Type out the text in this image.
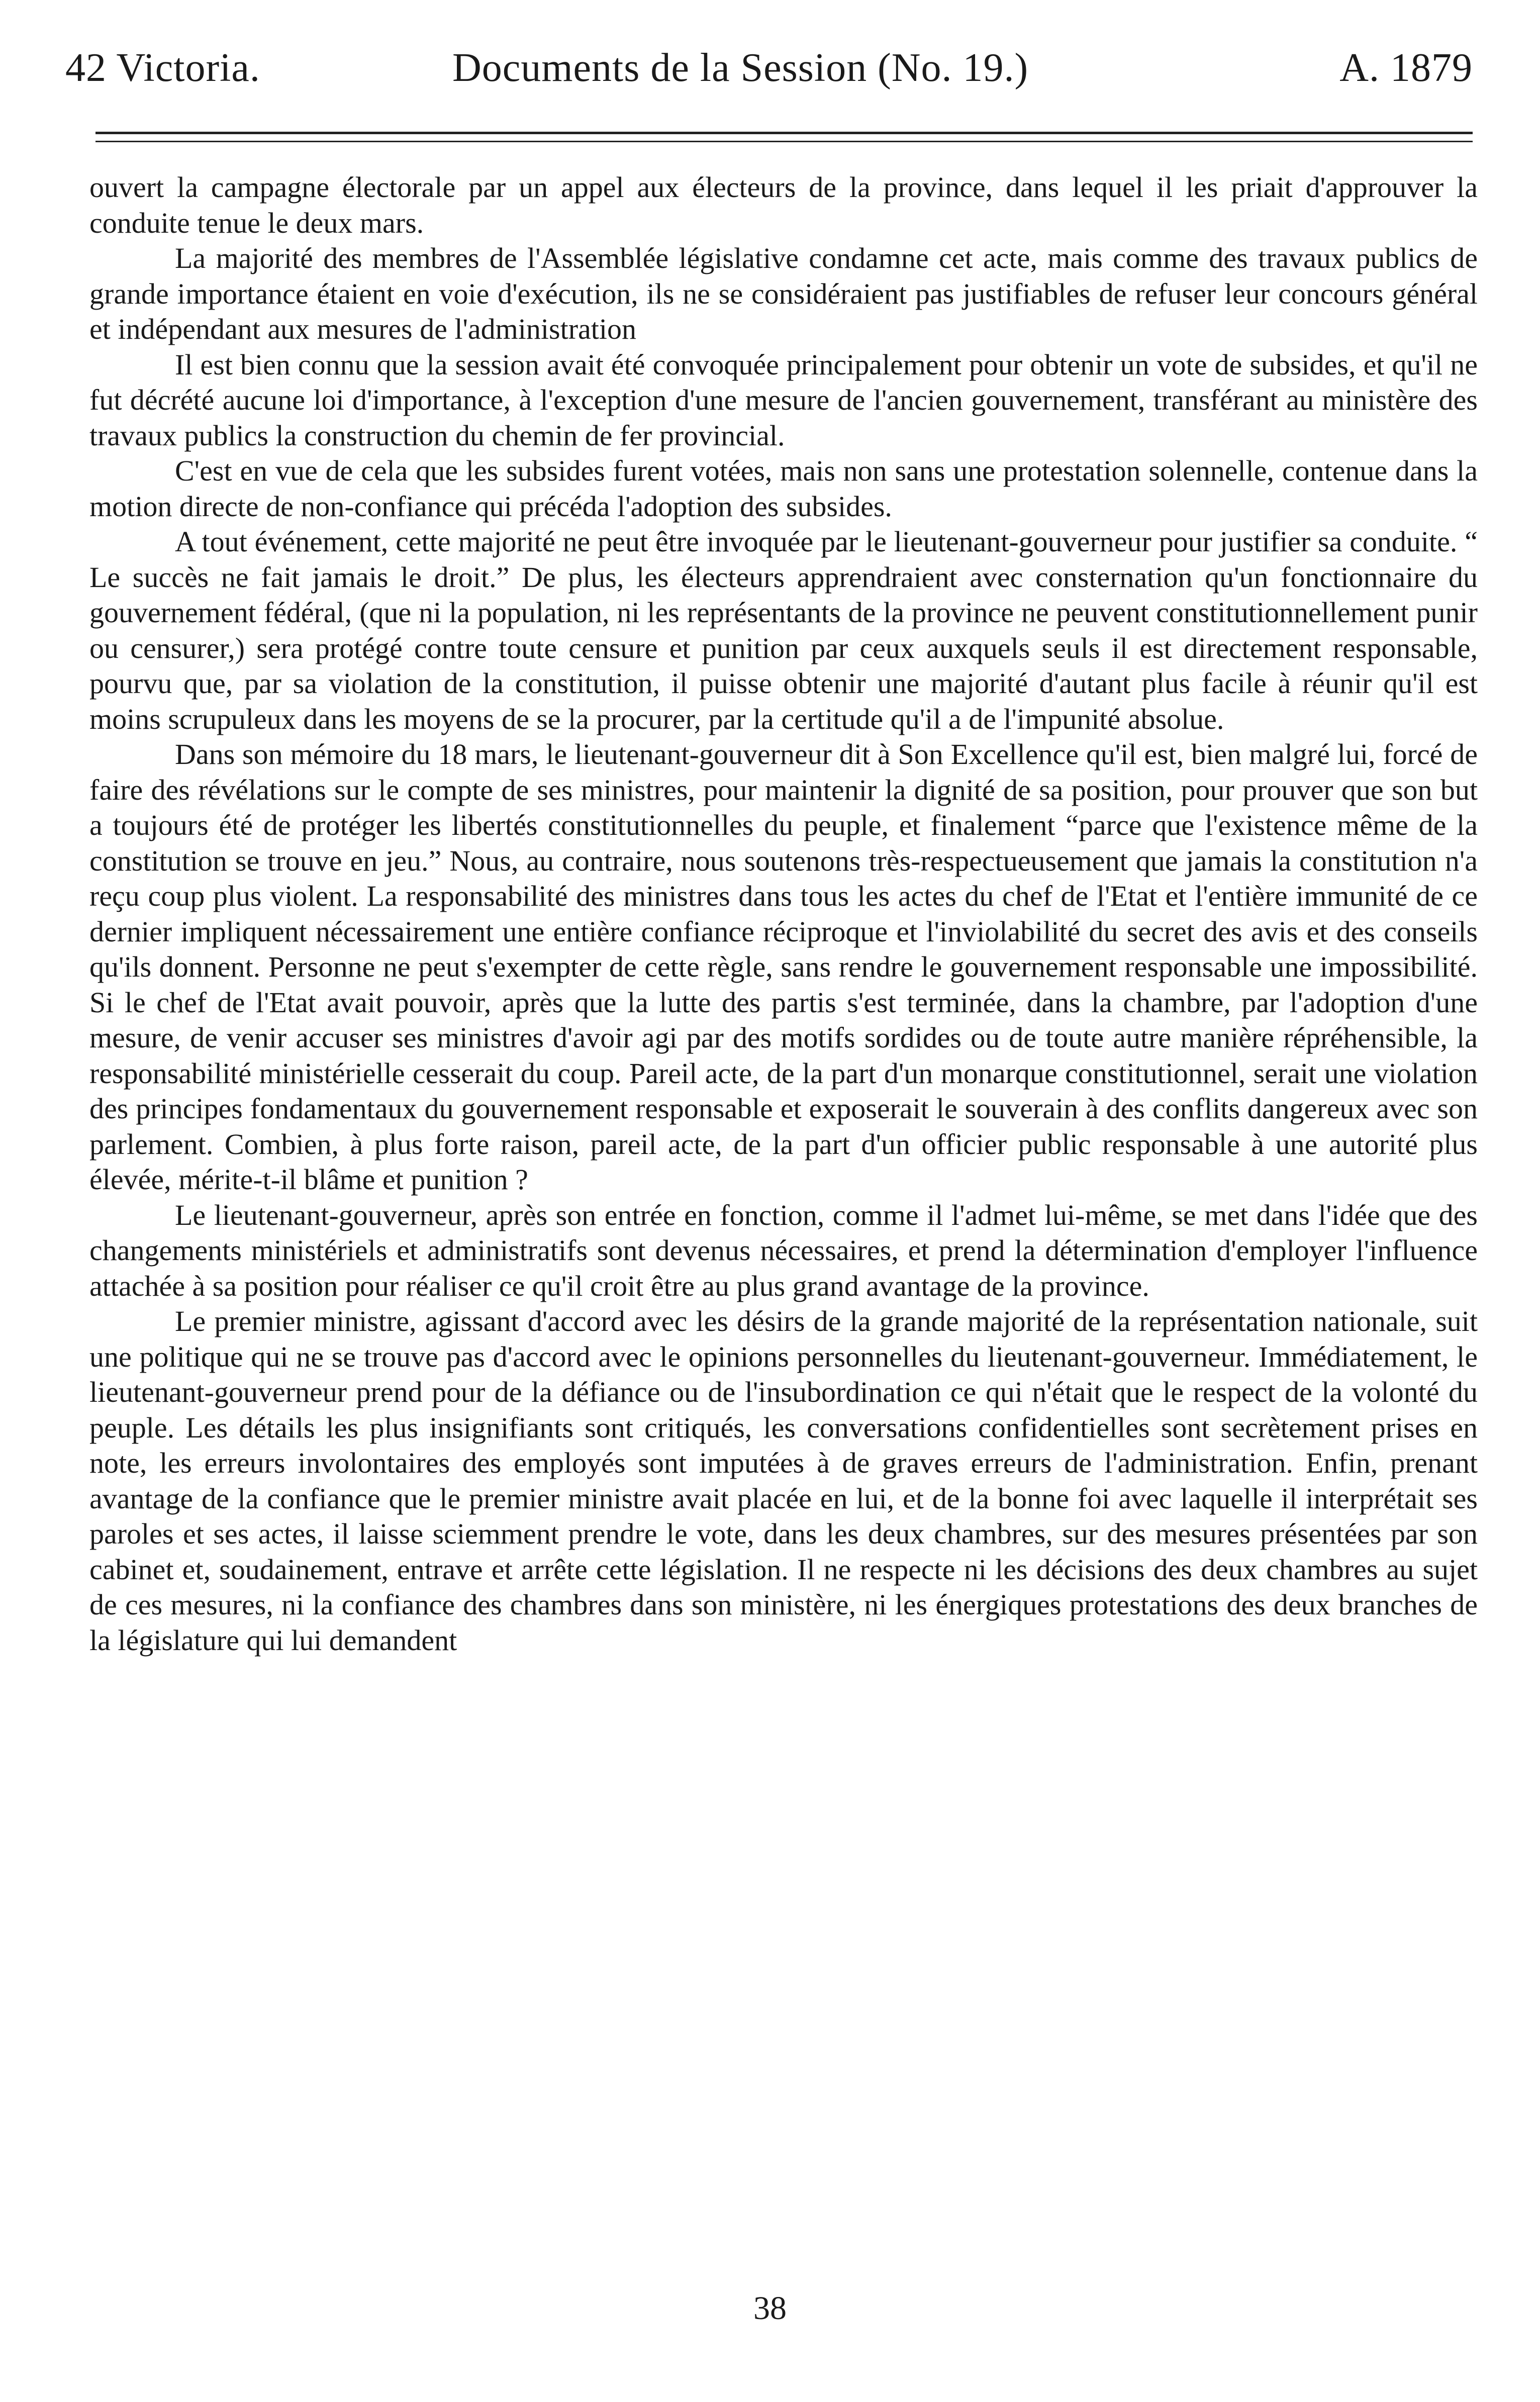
42 Victoria.	Documents de la Session (No. 19.)	A. 1879

ouvert la campagne électorale par un appel aux électeurs de la province, dans lequel il les priait d'approuver la conduite tenue le deux mars.

La majorité des membres de l'Assemblée législative condamne cet acte, mais comme des travaux publics de grande importance étaient en voie d'exécution, ils ne se considéraient pas justifiables de refuser leur concours général et indépendant aux mesures de l'administration

Il est bien connu que la session avait été convoquée principalement pour obtenir un vote de subsides, et qu'il ne fut décrété aucune loi d'importance, à l'exception d'une mesure de l'ancien gouvernement, transférant au ministère des travaux publics la construction du chemin de fer provincial.

C'est en vue de cela que les subsides furent votées, mais non sans une protestation solennelle, contenue dans la motion directe de non-confiance qui précéda l'adoption des subsides.

A tout événement, cette majorité ne peut être invoquée par le lieutenant-gouverneur pour justifier sa conduite. “ Le succès ne fait jamais le droit.” De plus, les électeurs apprendraient avec consternation qu'un fonctionnaire du gouvernement fédéral, (que ni la population, ni les représentants de la province ne peuvent constitutionnellement punir ou censurer,) sera protégé contre toute censure et punition par ceux auxquels seuls il est directement responsable, pourvu que, par sa violation de la constitution, il puisse obtenir une majorité d'autant plus facile à réunir qu'il est moins scrupuleux dans les moyens de se la procurer, par la certitude qu'il a de l'impunité absolue.

Dans son mémoire du 18 mars, le lieutenant-gouverneur dit à Son Excellence qu'il est, bien malgré lui, forcé de faire des révélations sur le compte de ses ministres, pour maintenir la dignité de sa position, pour prouver que son but a toujours été de protéger les libertés constitutionnelles du peuple, et finalement “parce que l'existence même de la constitution se trouve en jeu.” Nous, au contraire, nous soutenons très-respectueusement que jamais la constitution n'a reçu coup plus violent. La responsabilité des ministres dans tous les actes du chef de l'Etat et l'entière immunité de ce dernier impliquent nécessairement une entière confiance réciproque et l'inviolabilité du secret des avis et des conseils qu'ils donnent. Personne ne peut s'exempter de cette règle, sans rendre le gouvernement responsable une impossibilité. Si le chef de l'Etat avait pouvoir, après que la lutte des partis s'est terminée, dans la chambre, par l'adoption d'une mesure, de venir accuser ses ministres d'avoir agi par des motifs sordides ou de toute autre manière répréhensible, la responsabilité ministérielle cesserait du coup. Pareil acte, de la part d'un monarque constitutionnel, serait une violation des principes fondamentaux du gouvernement responsable et exposerait le souverain à des conflits dangereux avec son parlement. Combien, à plus forte raison, pareil acte, de la part d'un officier public responsable à une autorité plus élevée, mérite-t-il blâme et punition ?

Le lieutenant-gouverneur, après son entrée en fonction, comme il l'admet lui-même, se met dans l'idée que des changements ministériels et administratifs sont devenus nécessaires, et prend la détermination d'employer l'influence attachée à sa position pour réaliser ce qu'il croit être au plus grand avantage de la province.

Le premier ministre, agissant d'accord avec les désirs de la grande majorité de la représentation nationale, suit une politique qui ne se trouve pas d'accord avec le opinions personnelles du lieutenant-gouverneur. Immédiatement, le lieutenant-gouverneur prend pour de la défiance ou de l'insubordination ce qui n'était que le respect de la volonté du peuple. Les détails les plus insignifiants sont critiqués, les conversations confidentielles sont secrètement prises en note, les erreurs involontaires des employés sont imputées à de graves erreurs de l'administration. Enfin, prenant avantage de la confiance que le premier ministre avait placée en lui, et de la bonne foi avec laquelle il interprétait ses paroles et ses actes, il laisse sciemment prendre le vote, dans les deux chambres, sur des mesures présentées par son cabinet et, soudainement, entrave et arrête cette législation. Il ne respecte ni les décisions des deux chambres au sujet de ces mesures, ni la confiance des chambres dans son ministère, ni les énergiques protestations des deux branches de la législature qui lui demandent

38
